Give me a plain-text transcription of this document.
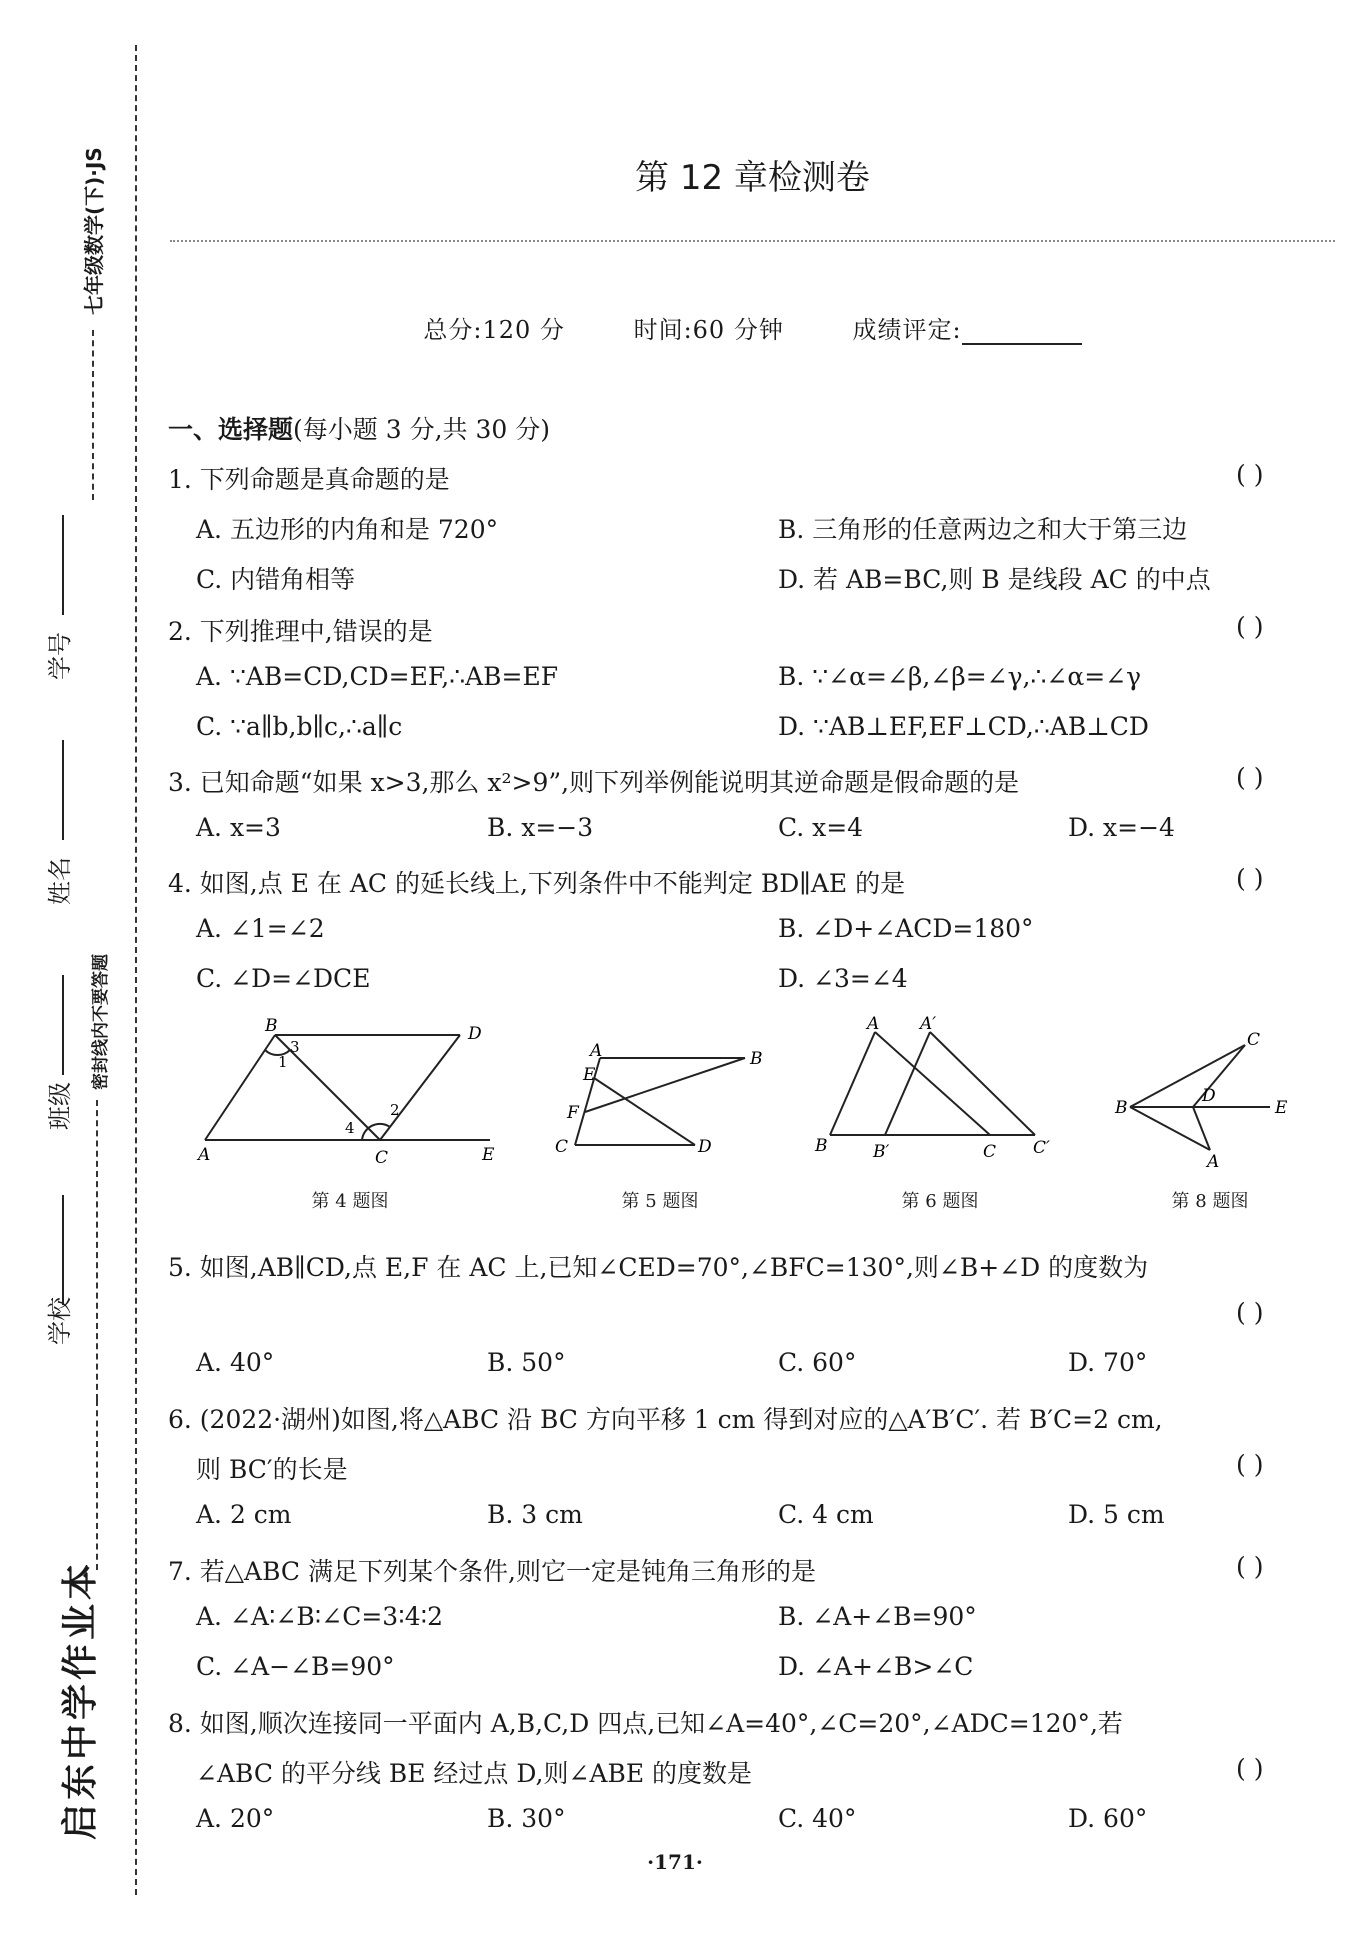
七年级数学(下)·JS
学号
姓名
密封线内不要答题
班级
学校
启东中学作业本
第 12 章检测卷
总分:120 分	时间:60 分钟	成绩评定:
一、选择题(每小题 3 分,共 30 分)
1. 下列命题是真命题的是	( )
A. 五边形的内角和是 720°	B. 三角形的任意两边之和大于第三边
C. 内错角相等	D. 若 AB=BC,则 B 是线段 AC 的中点
2. 下列推理中,错误的是	( )
A. ∵AB=CD,CD=EF,∴AB=EF	B. ∵∠α=∠β,∠β=∠γ,∴∠α=∠γ
C. ∵a∥b,b∥c,∴a∥c	D. ∵AB⊥EF,EF⊥CD,∴AB⊥CD
3. 已知命题“如果 x>3,那么 x²>9”,则下列举例能说明其逆命题是假命题的是	( )
A. x=3	B. x=−3	C. x=4	D. x=−4
4. 如图,点 E 在 AC 的延长线上,下列条件中不能判定 BD∥AE 的是	( )
A. ∠1=∠2	B. ∠D+∠ACD=180°
C. ∠D=∠DCE	D. ∠3=∠4
B	D
A	C	E
1
2
3
4
第 4 题图
A
E
B
F
C	D
第 5 题图
A A′
B	B′	C C′
第 6 题图
C
B
D
E
A
第 8 题图
5. 如图,AB∥CD,点 E,F 在 AC 上,已知∠CED=70°,∠BFC=130°,则∠B+∠D 的度数为
( )
A. 40°	B. 50°	C. 60°	D. 70°
6. (2022·湖州)如图,将△ABC 沿 BC 方向平移 1 cm 得到对应的△A′B′C′. 若 B′C=2 cm,
则 BC′的长是	( )
A. 2 cm	B. 3 cm	C. 4 cm	D. 5 cm
7. 若△ABC 满足下列某个条件,则它一定是钝角三角形的是	( )
A. ∠A∶∠B∶∠C=3∶4∶2	B. ∠A+∠B=90°
C. ∠A−∠B=90°	D. ∠A+∠B>∠C
8. 如图,顺次连接同一平面内 A,B,C,D 四点,已知∠A=40°,∠C=20°,∠ADC=120°,若
∠ABC 的平分线 BE 经过点 D,则∠ABE 的度数是	( )
A. 20°	B. 30°	C. 40°	D. 60°
·171·
